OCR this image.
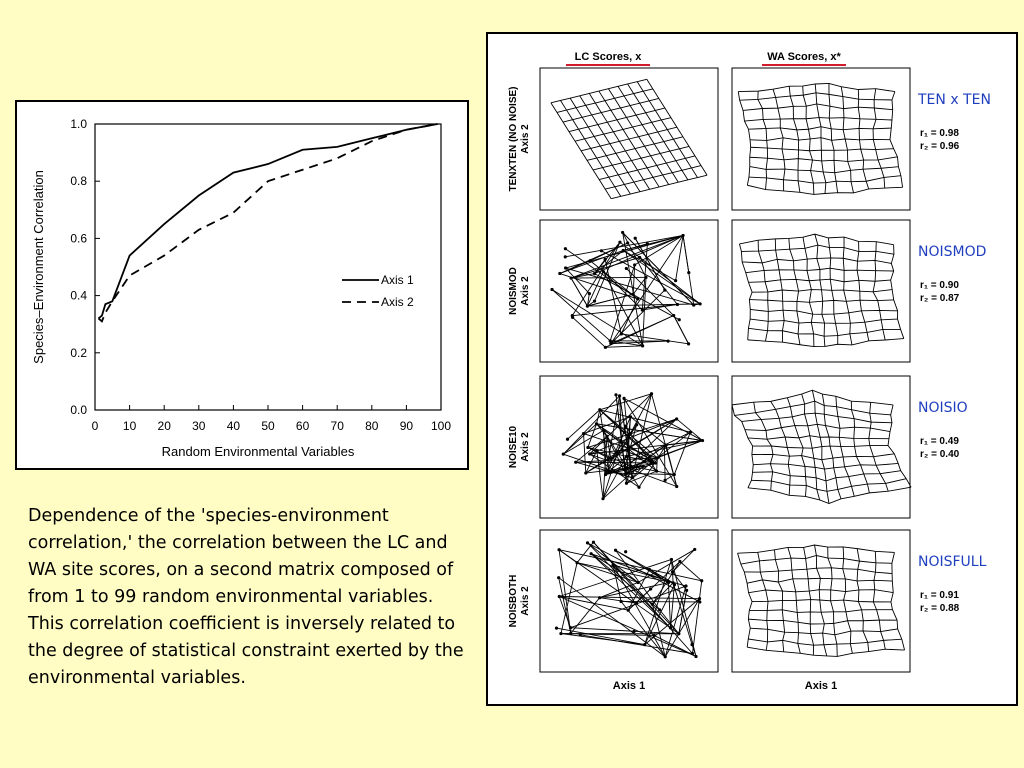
0.0
0.2
0.4
0.6
0.8
1.0
0 10 20 30 40 50 60 70 80 90 100
Random Environmental Variables
Species–Environment Correlation	Axis 1
Axis 2
Dependence of the 'species-environment correlation,' the correlation between the LC and WA site scores, on a second matrix composed of from 1 to 99 random environmental variables. This correlation coefficient is inversely related to the degree of statistical constraint exerted by the environmental variables.
LC Scores, x	WA Scores, x*
TENXTEN (NO NOISE) Axis 2
TEN x TEN
r₁ = 0.98
r₂ = 0.96
NOISMOD Axis 2
NOISMOD
r₁ = 0.90
r₂ = 0.87
NOISE10 Axis 2
NOISIO
r₁ = 0.49
r₂ = 0.40
NOISBOTH Axis 2
NOISFULL
r₁ = 0.91
r₂ = 0.88
Axis 1	Axis 1
